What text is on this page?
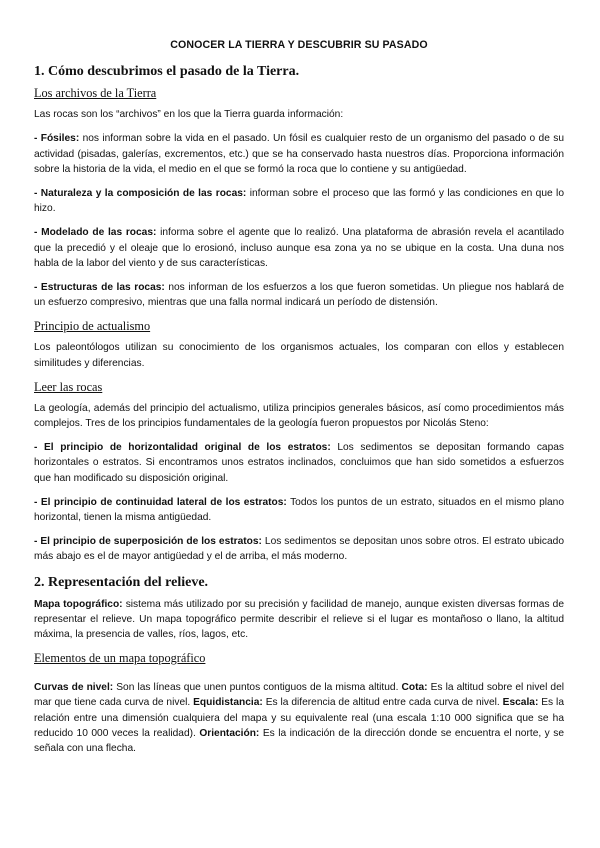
CONOCER LA TIERRA Y DESCUBRIR SU PASADO
1. Cómo descubrimos el pasado de la Tierra.
Los archivos de la Tierra

Las rocas son los “archivos” en los que la Tierra guarda información:

- Fósiles: nos informan sobre la vida en el pasado. Un fósil es cualquier resto de un organismo del pasado o de su actividad (pisadas, galerías, excrementos, etc.) que se ha conservado hasta nuestros días. Proporciona información sobre la historia de la vida, el medio en el que se formó la roca que lo contiene y su antigüedad.

- Naturaleza y la composición de las rocas: informan sobre el proceso que las formó y las condiciones en que lo hizo.

- Modelado de las rocas: informa sobre el agente que lo realizó. Una plataforma de abrasión revela el acantilado que la precedió y el oleaje que lo erosionó, incluso aunque esa zona ya no se ubique en la costa. Una duna nos habla de la labor del viento y de sus características.

- Estructuras de las rocas: nos informan de los esfuerzos a los que fueron sometidas. Un pliegue nos hablará de un esfuerzo compresivo, mientras que una falla normal indicará un período de distensión.

Principio de actualismo

Los paleontólogos utilizan su conocimiento de los organismos actuales, los comparan con ellos y establecen similitudes y diferencias.

Leer las rocas

La geología, además del principio del actualismo, utiliza principios generales básicos, así como procedimientos más complejos. Tres de los principios fundamentales de la geología fueron propuestos por Nicolás Steno:

- El principio de horizontalidad original de los estratos: Los sedimentos se depositan formando capas horizontales o estratos. Si encontramos unos estratos inclinados, concluimos que han sido sometidos a esfuerzos que han modificado su disposición original.

- El principio de continuidad lateral de los estratos: Todos los puntos de un estrato, situados en el mismo plano horizontal, tienen la misma antigüedad.

- El principio de superposición de los estratos: Los sedimentos se depositan unos sobre otros. El estrato ubicado más abajo es el de mayor antigüedad y el de arriba, el más moderno.

2. Representación del relieve.

Mapa topográfico: sistema más utilizado por su precisión y facilidad de manejo, aunque existen diversas formas de representar el relieve. Un mapa topográfico permite describir el relieve si el lugar es montañoso o llano, la altitud máxima, la presencia de valles, ríos, lagos, etc.

Elementos de un mapa topográfico

Curvas de nivel: Son las líneas que unen puntos contiguos de la misma altitud. Cota: Es la altitud sobre el nivel del mar que tiene cada curva de nivel. Equidistancia: Es la diferencia de altitud entre cada curva de nivel. Escala: Es la relación entre una dimensión cualquiera del mapa y su equivalente real (una escala 1:10 000 significa que se ha reducido 10 000 veces la realidad). Orientación: Es la indicación de la dirección donde se encuentra el norte, y se señala con una flecha.
